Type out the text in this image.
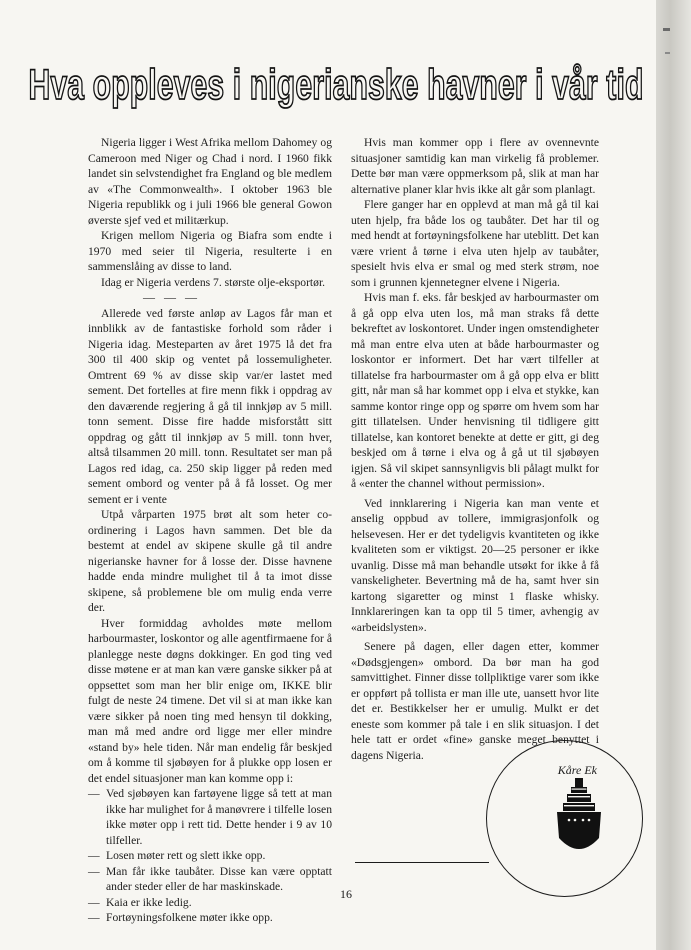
Hva oppleves i nigerianske havner i vår tid

Nigeria ligger i West Afrika mellom Dahomey og Cameroon med Niger og Chad i nord. I 1960 fikk landet sin selvstendighet fra England og ble medlem av «The Commonwealth». I oktober 1963 ble Nigeria republikk og i juli 1966 ble general Gowon øverste sjef ved et militærkup.

Krigen mellom Nigeria og Biafra som endte i 1970 med seier til Nigeria, resulterte i en sammenslåing av disse to land.

Idag er Nigeria verdens 7. største olje-eksportør.

— — —

Allerede ved første anløp av Lagos får man et innblikk av de fantastiske forhold som råder i Nigeria idag. Mesteparten av året 1975 lå det fra 300 til 400 skip og ventet på lossemuligheter. Omtrent 69 % av disse skip var/er lastet med sement. Det fortelles at fire menn fikk i oppdrag av den daværende regjering å gå til innkjøp av 5 mill. tonn sement. Disse fire hadde misforstått sitt oppdrag og gått til innkjøp av 5 mill. tonn hver, altså tilsammen 20 mill. tonn. Resultatet ser man på Lagos red idag, ca. 250 skip ligger på reden med sement ombord og venter på å få losset. Og mer sement er i vente

Utpå vårparten 1975 brøt alt som heter co-ordinering i Lagos havn sammen. Det ble da bestemt at endel av skipene skulle gå til andre nigerianske havner for å losse der. Disse havnene hadde enda mindre mulighet til å ta imot disse skipene, så problemene ble om mulig enda verre der.

Hver formiddag avholdes møte mellom harbourmaster, loskontor og alle agentfirmaene for å planlegge neste døgns dokkinger. En god ting ved disse møtene er at man kan være ganske sikker på at oppsettet som man her blir enige om, IKKE blir fulgt de neste 24 timene. Det vil si at man ikke kan være sikker på noen ting med hensyn til dokking, man må med andre ord ligge mer eller mindre «stand by» hele tiden. Når man endelig får beskjed om å komme til sjøbøyen for å plukke opp losen er det endel situasjoner man kan komme opp i:

— Ved sjøbøyen kan fartøyene ligge så tett at man ikke har mulighet for å manøvrere i tilfelle losen ikke møter opp i rett tid. Dette hender i 9 av 10 tilfeller.
— Losen møter rett og slett ikke opp.
— Man får ikke taubåter. Disse kan være opptatt ander steder eller de har maskinskade.
— Kaia er ikke ledig.
— Fortøyningsfolkene møter ikke opp.

Hvis man kommer opp i flere av ovennevnte situasjoner samtidig kan man virkelig få problemer. Dette bør man være oppmerksom på, slik at man har alternative planer klar hvis ikke alt går som planlagt.

Flere ganger har en opplevd at man må gå til kai uten hjelp, fra både los og taubåter. Det har til og med hendt at fortøyningsfolkene har uteblitt. Det kan være vrient å tørne i elva uten hjelp av taubåter, spesielt hvis elva er smal og med sterk strøm, noe som i grunnen kjennetegner elvene i Nigeria.

Hvis man f. eks. får beskjed av harbourmaster om å gå opp elva uten los, må man straks få dette bekreftet av loskontoret. Under ingen omstendigheter må man entre elva uten at både harbourmaster og loskontor er informert. Det har vært tilfeller at tillatelse fra harbourmaster om å gå opp elva er blitt gitt, når man så har kommet opp i elva et stykke, kan samme kontor ringe opp og spørre om hvem som har gitt tillatelsen. Under henvisning til tidligere gitt tillatelse, kan kontoret benekte at dette er gitt, gi deg beskjed om å tørne i elva og å gå ut til sjøbøyen igjen. Så vil skipet sannsynligvis bli pålagt mulkt for å «enter the channel without permission».

Ved innklarering i Nigeria kan man vente et anselig oppbud av tollere, immigrasjonfolk og helsevesen. Her er det tydeligvis kvantiteten og ikke kvaliteten som er viktigst. 20—25 personer er ikke uvanlig. Disse må man behandle utsøkt for ikke å få vanskeligheter. Bevertning må de ha, samt hver sin kartong sigaretter og minst 1 flaske whisky. Innklareringen kan ta opp til 5 timer, avhengig av «arbeidslysten».

Senere på dagen, eller dagen etter, kommer «Dødsgjengen» ombord. Da bør man ha god samvittighet. Finner disse tollpliktige varer som ikke er oppført på tollista er man ille ute, uansett hvor lite det er. Bestikkelser her er umulig. Mulkt er det eneste som kommer på tale i en slik situasjon. I det hele tatt er ordet «fine» ganske meget benyttet i dagens Nigeria.

Kåre Ek

16
